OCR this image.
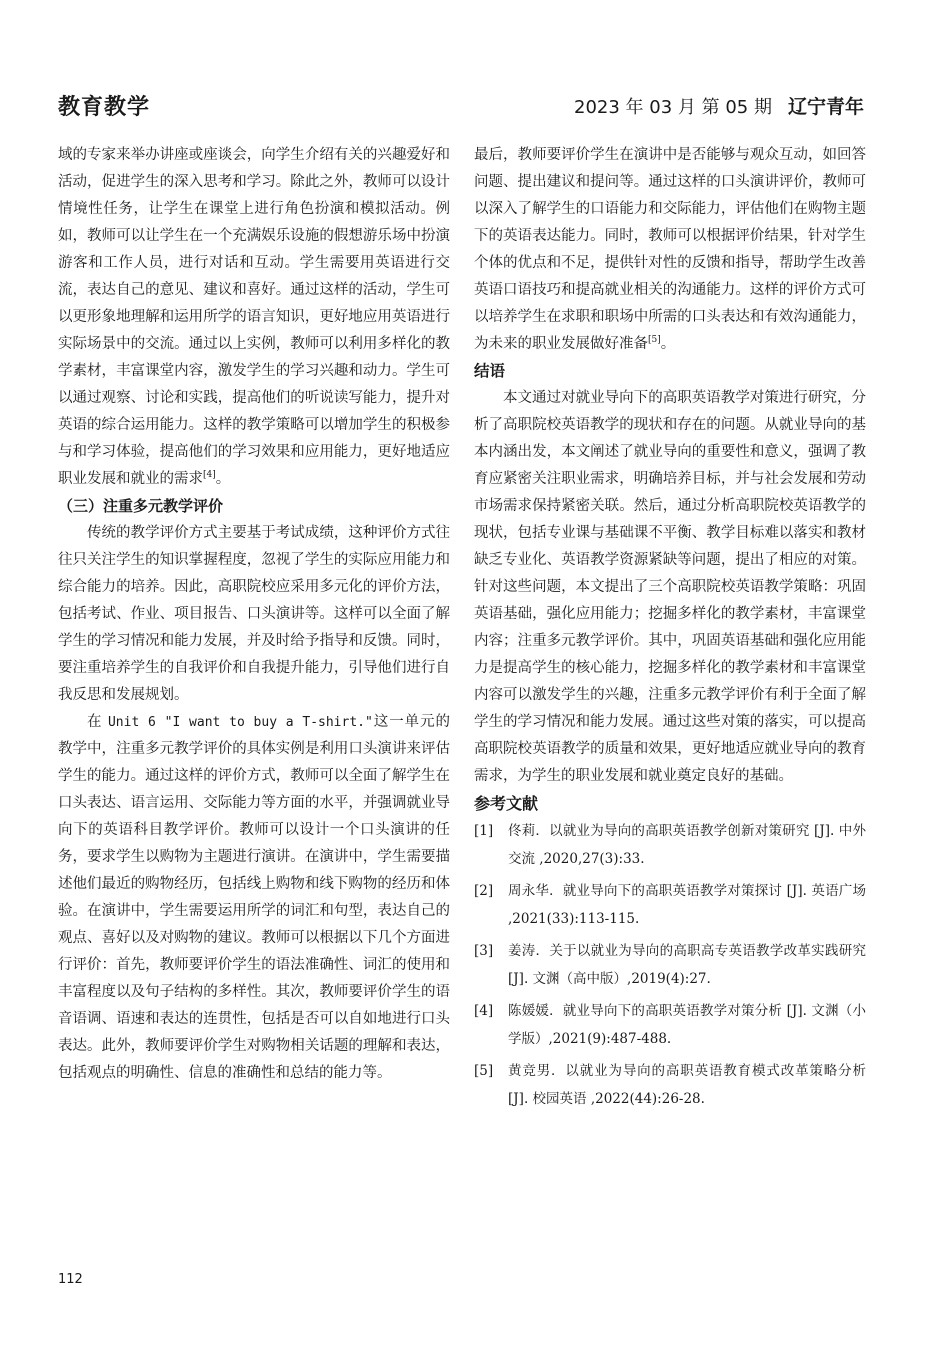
教育教学	2023 年 03 月 第 05 期 辽宁青年

域的专家来举办讲座或座谈会，向学生介绍有关的兴趣爱好和活动，促进学生的深入思考和学习。除此之外，教师可以设计情境性任务，让学生在课堂上进行角色扮演和模拟活动。例如，教师可以让学生在一个充满娱乐设施的假想游乐场中扮演游客和工作人员，进行对话和互动。学生需要用英语进行交流，表达自己的意见、建议和喜好。通过这样的活动，学生可以更形象地理解和运用所学的语言知识，更好地应用英语进行实际场景中的交流。通过以上实例，教师可以利用多样化的教学素材，丰富课堂内容，激发学生的学习兴趣和动力。学生可以通过观察、讨论和实践，提高他们的听说读写能力，提升对英语的综合运用能力。这样的教学策略可以增加学生的积极参与和学习体验，提高他们的学习效果和应用能力，更好地适应职业发展和就业的需求[4]。

（三）注重多元教学评价

传统的教学评价方式主要基于考试成绩，这种评价方式往往只关注学生的知识掌握程度，忽视了学生的实际应用能力和综合能力的培养。因此，高职院校应采用多元化的评价方法，包括考试、作业、项目报告、口头演讲等。这样可以全面了解学生的学习情况和能力发展，并及时给予指导和反馈。同时，要注重培养学生的自我评价和自我提升能力，引导他们进行自我反思和发展规划。

在 Unit 6 "I want to buy a T-shirt."这一单元的教学中，注重多元教学评价的具体实例是利用口头演讲来评估学生的能力。通过这样的评价方式，教师可以全面了解学生在口头表达、语言运用、交际能力等方面的水平，并强调就业导向下的英语科目教学评价。教师可以设计一个口头演讲的任务，要求学生以购物为主题进行演讲。在演讲中，学生需要描述他们最近的购物经历，包括线上购物和线下购物的经历和体验。在演讲中，学生需要运用所学的词汇和句型，表达自己的观点、喜好以及对购物的建议。教师可以根据以下几个方面进行评价：首先，教师要评价学生的语法准确性、词汇的使用和丰富程度以及句子结构的多样性。其次，教师要评价学生的语音语调、语速和表达的连贯性，包括是否可以自如地进行口头表达。此外，教师要评价学生对购物相关话题的理解和表达，包括观点的明确性、信息的准确性和总结的能力等。

最后，教师要评价学生在演讲中是否能够与观众互动，如回答问题、提出建议和提问等。通过这样的口头演讲评价，教师可以深入了解学生的口语能力和交际能力，评估他们在购物主题下的英语表达能力。同时，教师可以根据评价结果，针对学生个体的优点和不足，提供针对性的反馈和指导，帮助学生改善英语口语技巧和提高就业相关的沟通能力。这样的评价方式可以培养学生在求职和职场中所需的口头表达和有效沟通能力，为未来的职业发展做好准备[5]。

结语

本文通过对就业导向下的高职英语教学对策进行研究，分析了高职院校英语教学的现状和存在的问题。从就业导向的基本内涵出发，本文阐述了就业导向的重要性和意义，强调了教育应紧密关注职业需求，明确培养目标，并与社会发展和劳动市场需求保持紧密关联。然后，通过分析高职院校英语教学的现状，包括专业课与基础课不平衡、教学目标难以落实和教材缺乏专业化、英语教学资源紧缺等问题，提出了相应的对策。针对这些问题，本文提出了三个高职院校英语教学策略：巩固英语基础，强化应用能力；挖掘多样化的教学素材，丰富课堂内容；注重多元教学评价。其中，巩固英语基础和强化应用能力是提高学生的核心能力，挖掘多样化的教学素材和丰富课堂内容可以激发学生的兴趣，注重多元教学评价有利于全面了解学生的学习情况和能力发展。通过这些对策的落实，可以提高高职院校英语教学的质量和效果，更好地适应就业导向的教育需求，为学生的职业发展和就业奠定良好的基础。

参考文献

[1] 佟莉．以就业为导向的高职英语教学创新对策研究 [J]. 中外交流 ,2020,27(3):33.
[2] 周永华．就业导向下的高职英语教学对策探讨 [J]. 英语广场 ,2021(33):113-115.
[3] 姜涛．关于以就业为导向的高职高专英语教学改革实践研究 [J]. 文渊（高中版）,2019(4):27.
[4] 陈媛媛．就业导向下的高职英语教学对策分析 [J]. 文渊（小学版）,2021(9):487-488.
[5] 黄竞男．以就业为导向的高职英语教育模式改革策略分析 [J]. 校园英语 ,2022(44):26-28.
112
